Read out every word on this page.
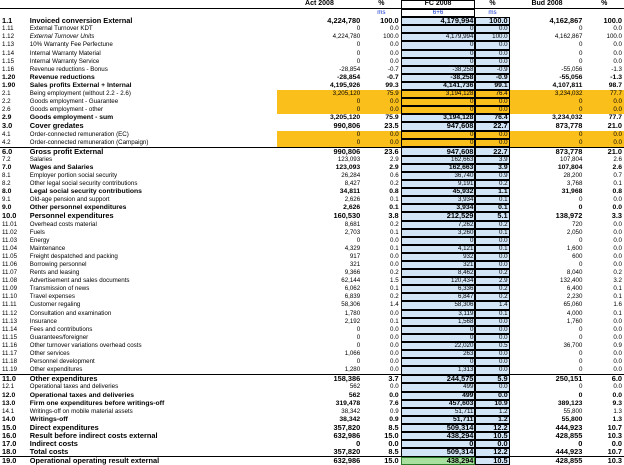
		Act 2008	%	FC 2008	%	Bud 2008	%
			ms	6+6	ms		
1.1	Invoiced conversion External	4,224,780	100.0	4,179,994	100.0	4,162,867	100.0
1.11	External Turnover KDT	0	0.0	0	0.0	0	0.0
1.12	External Turnover Units	4,224,780	100.0	4,179,994	100.0	4,162,867	100.0
1.13	10% Warranty Fee Perfectune	0	0.0	0	0.0	0	0.0
1.14	Internal Warranty Material	0	0.0	0	0.0	0	0.0
1.15	Internal Warranty Service	0	0.0	0	0.0	0	0.0
1.16	Revenue reductions - Bonus	-28,854	-0.7	-38,258	-0.9	-55,056	-1.3
1.20	Revenue reductions	-28,854	-0.7	-38,258	-0.9	-55,056	-1.3
1.90	Sales profits External + Internal	4,195,926	99.3	4,141,736	99.1	4,107,811	98.7
2.1	Being employment (without 2.2 - 2.6)	3,205,120	75.9	3,194,128	76.4	3,234,032	77.7
2.2	Goods employment - Guarantee	0	0.0	0	0.0	0	0.0
2.6	Goods employment - other	0	0.0	0	0.0	0	0.0
2.9	Goods employment - sum	3,205,120	75.9	3,194,128	76.4	3,234,032	77.7
3.0	Cover gredates	990,806	23.5	947,608	22.7	873,778	21.0
4.1	Order-connected remuneration (EC)	0	0.0	0	0.0	0	0.0
4.2	Order-connected remuneration (Campaign)	0	0.0	0	0.0	0	0.0
6.0	Gross profit External	990,806	23.6	947,608	22.7	873,778	21.0
7.2	Salaries	123,093	2.9	162,663	3.9	107,804	2.6
7.0	Wages and Salaries	123,093	2.9	162,663	3.9	107,804	2.6
8.1	Employer portion social security	26,284	0.6	36,740	0.9	28,200	0.7
8.2	Other legal social security contributions	8,427	0.2	9,191	0.2	3,768	0.1
8.0	Legal social security contributions	34,811	0.8	45,932	1.1	31,968	0.8
9.1	Old-age pension and support	2,626	0.1	3,934	0.1	0	0.0
9.0	Other personnel expenditures	2,626	0.1	3,934	0.1	0	0.0
10.0	Personnel expenditures	160,530	3.8	212,529	5.1	138,972	3.3
11.01	Overhead costs material	8,681	0.2	7,262	0.2	720	0.0
11.02	Fuels	2,703	0.1	3,260	0.1	2,050	0.0
11.03	Energy	0	0.0	0	0.0	0	0.0
11.04	Maintenance	4,329	0.1	4,121	0.1	1,600	0.0
11.05	Freight despatched and packing	917	0.0	932	0.0	600	0.0
11.06	Borrowing personnel	321	0.0	321	0.0	0	0.0
11.07	Rents and leasing	9,366	0.2	8,462	0.2	8,040	0.2
11.08	Advertisement and sales documents	62,144	1.5	120,434	2.9	132,400	3.2
11.09	Transmission of news	6,062	0.1	6,336	0.2	6,400	0.1
11.10	Travel expenses	6,839	0.2	6,847	0.2	2,230	0.1
11.11	Customer regaling	58,306	1.4	58,306	1.4	65,060	1.6
11.12	Consultation and examination	1,780	0.0	3,119	0.1	4,000	0.1
11.13	Insurance	2,192	0.1	1,568	0.0	1,760	0.0
11.14	Fees and contributions	0	0.0	0	0.0	0	0.0
11.15	Guarantees/foreigner	0	0.0	0	0.0	0	0.0
11.16	Other turnover variations overhead costs	0	0.0	22,020	0.5	36,700	0.9
11.17	Other services	1,066	0.0	263	0.0	0	0.0
11.18	Personnel development	0	0.0	0	0.0	0	0.0
11.19	Other expenditures	1,280	0.0	1,313	0.0	0	0.0
11.0	Other expenditures	158,386	3.7	244,575	5.9	250,151	6.0
12.1	Operational taxes and deliveries	562	0.0	499	0.0	0	0.0
12.0	Operational taxes and deliveries	562	0.0	499	0.0	0	0.0
13.0	Firm one expenditures before writings-off	319,478	7.6	457,603	10.9	389,123	9.3
14.1	Writings-off on mobile material assets	38,342	0.9	51,711	1.2	55,800	1.3
14.0	Writings-off	38,342	0.9	51,711	1.2	55,800	1.3
15.0	Direct expenditures	357,820	8.5	509,314	12.2	444,923	10.7
16.0	Result before indirect costs external	632,986	15.0	438,294	10.5	428,855	10.3
17.0	Indirect costs	0	0.0	0	0.0	0	0.0
18.0	Total costs	357,820	8.5	509,314	12.2	444,923	10.7
19.0	Operational operating result external	632,986	15.0	438,294	10.5	428,855	10.3
